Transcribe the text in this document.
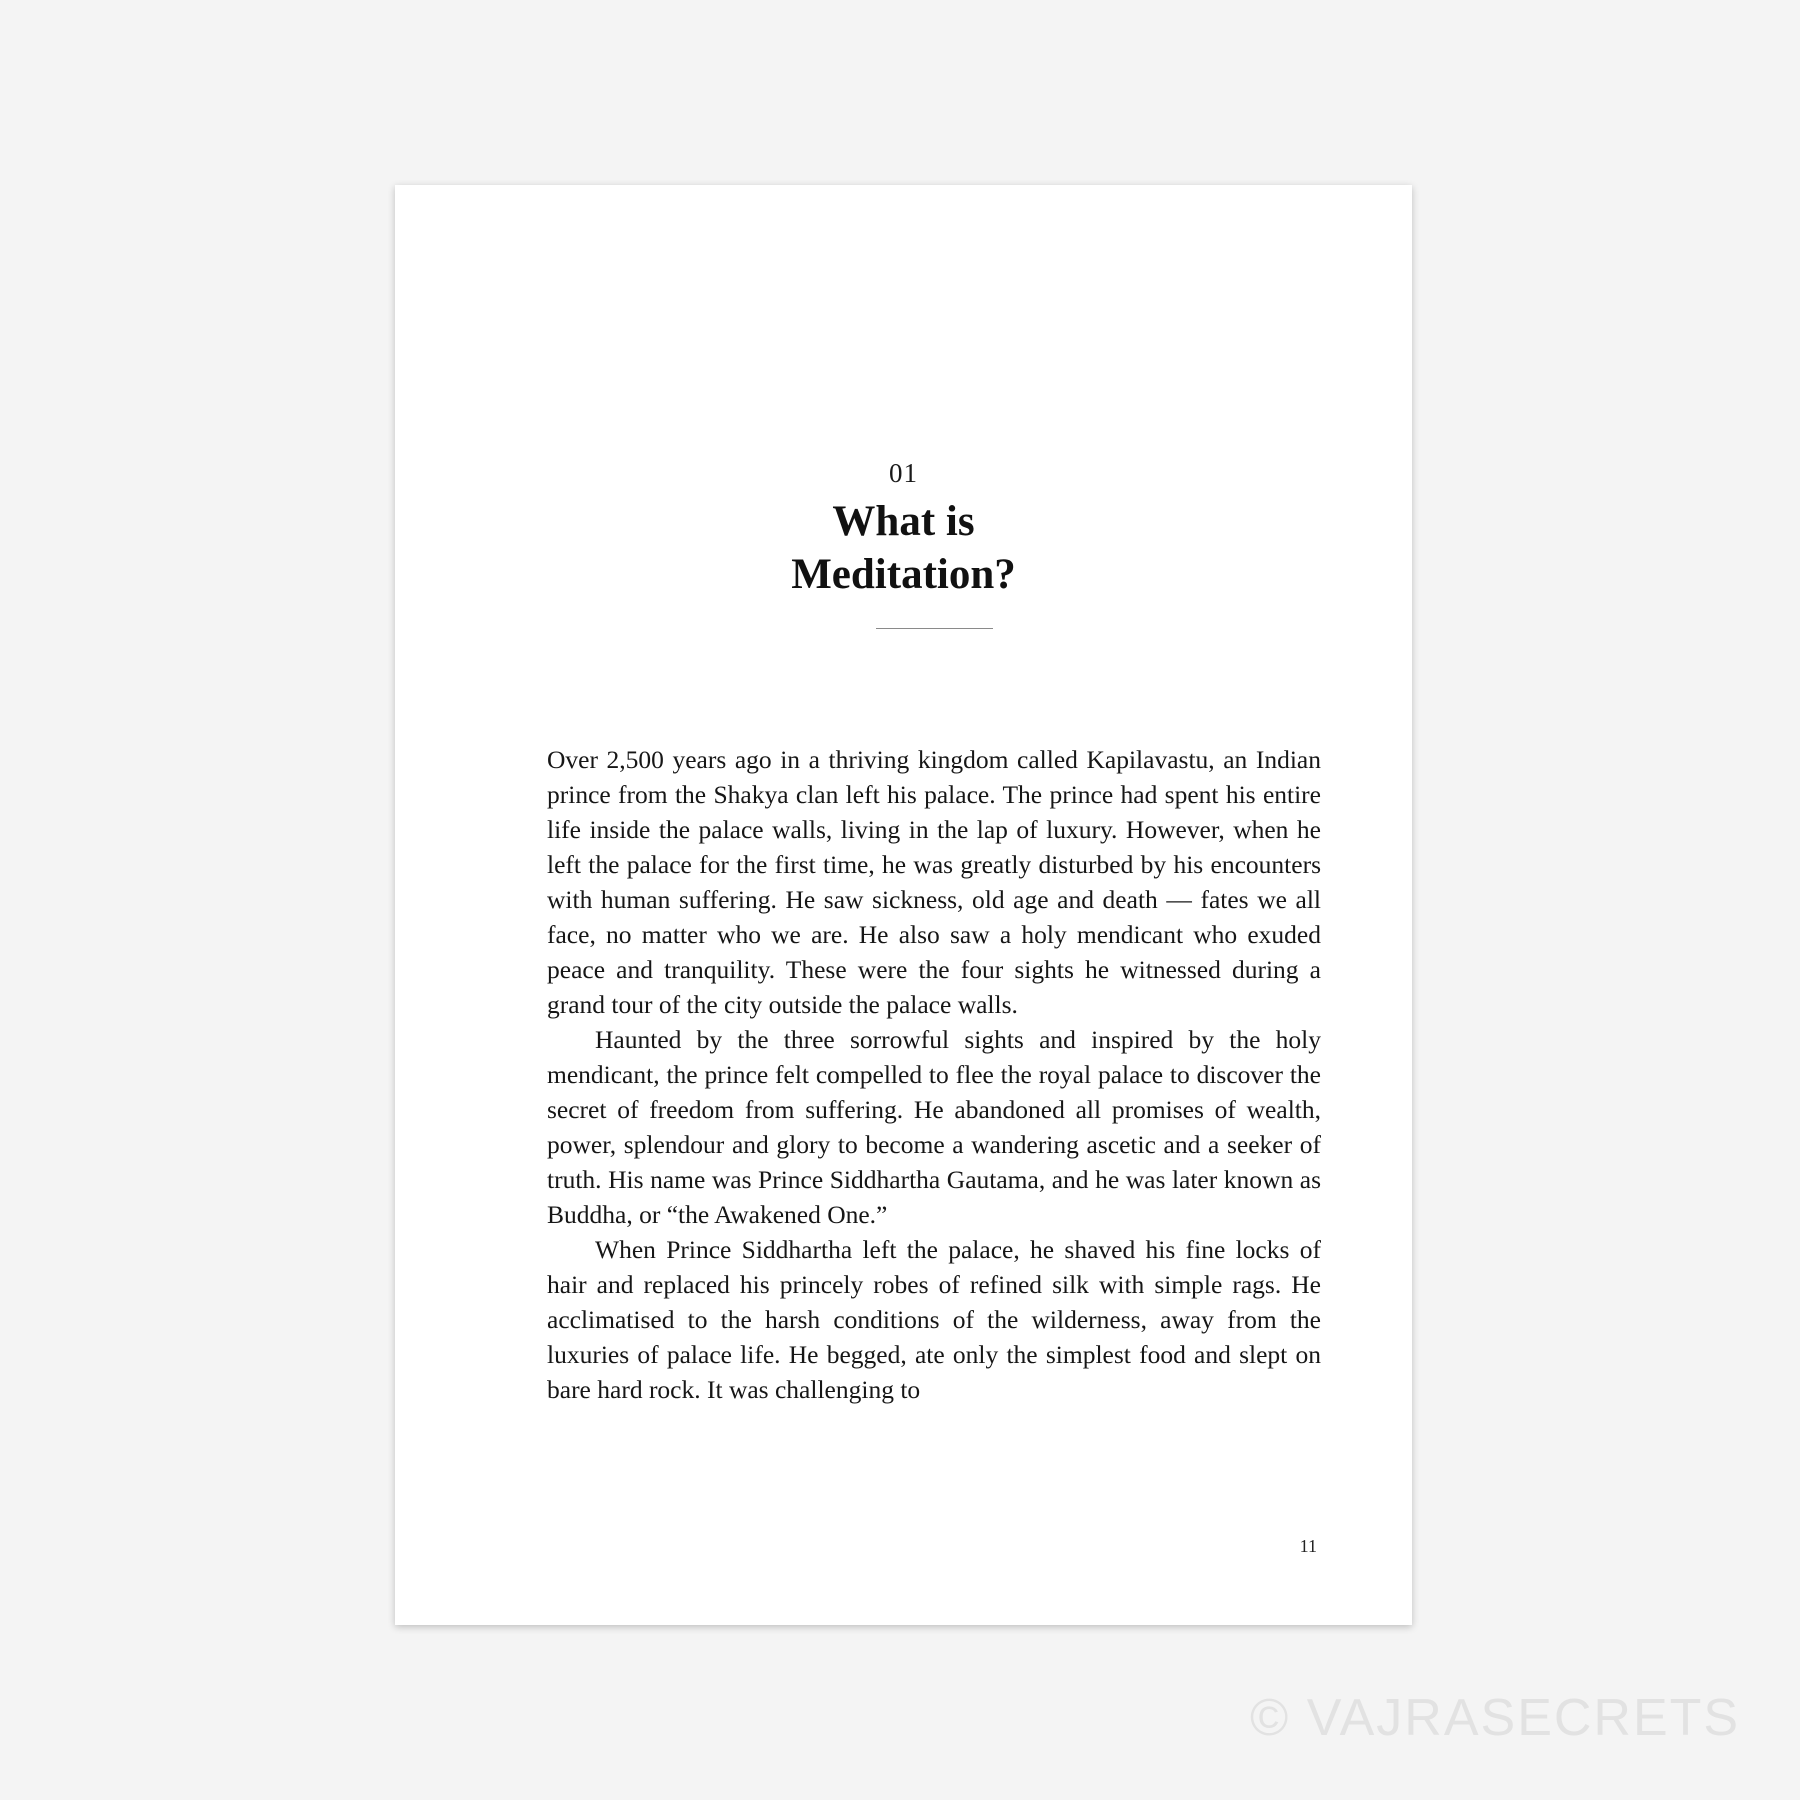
01
What is
Meditation?

Over 2,500 years ago in a thriving kingdom called Kapilavastu, an Indian prince from the Shakya clan left his palace. The prince had spent his entire life inside the palace walls, living in the lap of luxury. However, when he left the palace for the first time, he was greatly disturbed by his encounters with human suffering. He saw sickness, old age and death — fates we all face, no matter who we are. He also saw a holy mendicant who exuded peace and tranquility. These were the four sights he witnessed during a grand tour of the city outside the palace walls.

Haunted by the three sorrowful sights and inspired by the holy mendicant, the prince felt compelled to flee the royal palace to discover the secret of freedom from suffering. He abandoned all promises of wealth, power, splendour and glory to become a wandering ascetic and a seeker of truth. His name was Prince Siddhartha Gautama, and he was later known as Buddha, or “the Awakened One.”

When Prince Siddhartha left the palace, he shaved his fine locks of hair and replaced his princely robes of refined silk with simple rags. He acclimatised to the harsh conditions of the wilderness, away from the luxuries of palace life. He begged, ate only the simplest food and slept on bare hard rock. It was challenging to

11
© VAJRASECRETS
